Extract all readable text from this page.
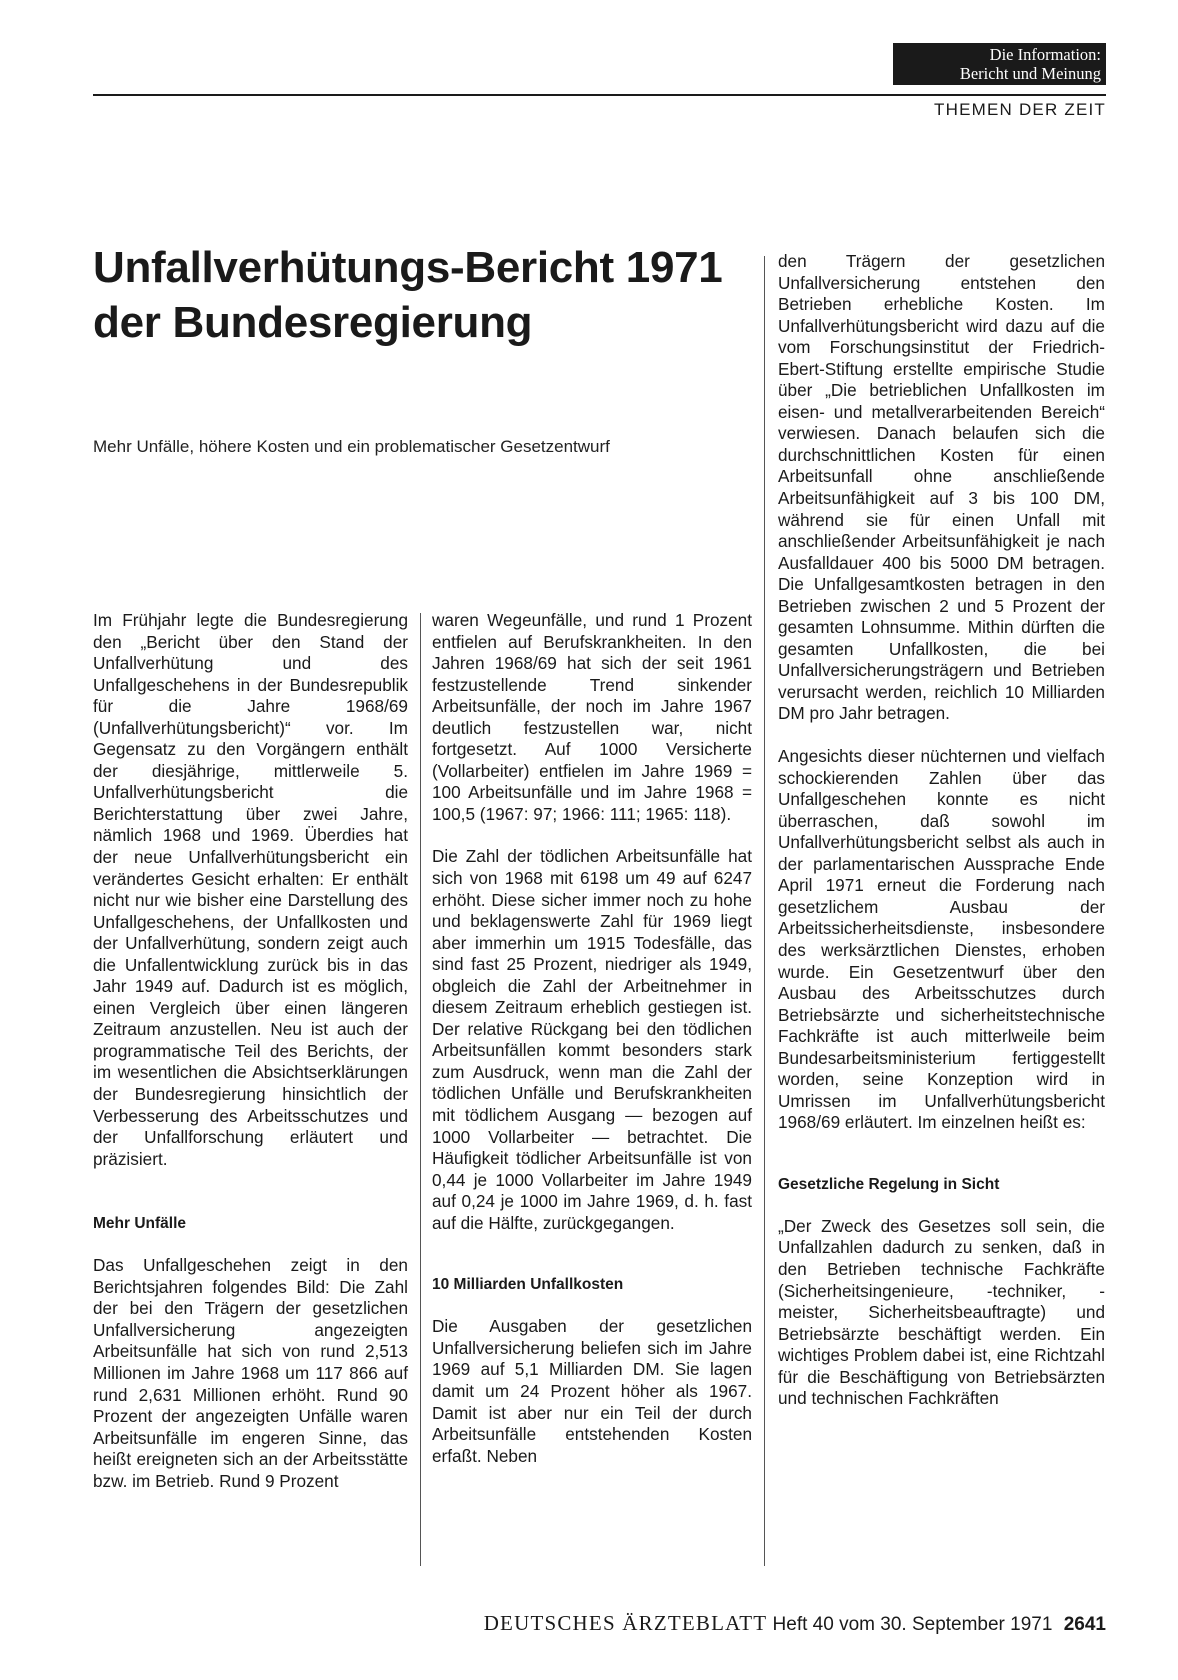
Die Information:
Bericht und Meinung
THEMEN DER ZEIT
Unfallverhütungs-Bericht 1971
der Bundesregierung
Mehr Unfälle, höhere Kosten und ein problematischer Gesetzentwurf

Im Frühjahr legte die Bundesregierung den „Bericht über den Stand der Unfallverhütung und des Unfallgeschehens in der Bundesrepublik für die Jahre 1968/69 (Unfallverhütungsbericht)“ vor. Im Gegensatz zu den Vorgängern enthält der diesjährige, mittlerweile 5. Unfallverhütungsbericht die Berichterstattung über zwei Jahre, nämlich 1968 und 1969. Überdies hat der neue Unfallverhütungsbericht ein verändertes Gesicht erhalten: Er enthält nicht nur wie bisher eine Darstellung des Unfallgeschehens, der Unfallkosten und der Unfallverhütung, sondern zeigt auch die Unfallentwicklung zurück bis in das Jahr 1949 auf. Dadurch ist es möglich, einen Vergleich über einen längeren Zeitraum anzustellen. Neu ist auch der programmatische Teil des Berichts, der im wesentlichen die Absichtserklärungen der Bundesregierung hinsichtlich der Verbesserung des Arbeitsschutzes und der Unfallforschung erläutert und präzisiert.

Mehr Unfälle

Das Unfallgeschehen zeigt in den Berichtsjahren folgendes Bild: Die Zahl der bei den Trägern der gesetzlichen Unfallversicherung angezeigten Arbeitsunfälle hat sich von rund 2,513 Millionen im Jahre 1968 um 117 866 auf rund 2,631 Millionen erhöht. Rund 90 Prozent der angezeigten Unfälle waren Arbeitsunfälle im engeren Sinne, das heißt ereigneten sich an der Arbeitsstätte bzw. im Betrieb. Rund 9 Prozent

waren Wegeunfälle, und rund 1 Prozent entfielen auf Berufskrankheiten. In den Jahren 1968/69 hat sich der seit 1961 festzustellende Trend sinkender Arbeitsunfälle, der noch im Jahre 1967 deutlich festzustellen war, nicht fortgesetzt. Auf 1000 Versicherte (Vollarbeiter) entfielen im Jahre 1969 = 100 Arbeitsunfälle und im Jahre 1968 = 100,5 (1967: 97; 1966: 111; 1965: 118).

Die Zahl der tödlichen Arbeitsunfälle hat sich von 1968 mit 6198 um 49 auf 6247 erhöht. Diese sicher immer noch zu hohe und beklagenswerte Zahl für 1969 liegt aber immerhin um 1915 Todesfälle, das sind fast 25 Prozent, niedriger als 1949, obgleich die Zahl der Arbeitnehmer in diesem Zeitraum erheblich gestiegen ist. Der relative Rückgang bei den tödlichen Arbeitsunfällen kommt besonders stark zum Ausdruck, wenn man die Zahl der tödlichen Unfälle und Berufskrankheiten mit tödlichem Ausgang — bezogen auf 1000 Vollarbeiter — betrachtet. Die Häufigkeit tödlicher Arbeitsunfälle ist von 0,44 je 1000 Vollarbeiter im Jahre 1949 auf 0,24 je 1000 im Jahre 1969, d. h. fast auf die Hälfte, zurückgegangen.

10 Milliarden Unfallkosten

Die Ausgaben der gesetzlichen Unfallversicherung beliefen sich im Jahre 1969 auf 5,1 Milliarden DM. Sie lagen damit um 24 Prozent höher als 1967. Damit ist aber nur ein Teil der durch Arbeitsunfälle entstehenden Kosten erfaßt. Neben

den Trägern der gesetzlichen Unfallversicherung entstehen den Betrieben erhebliche Kosten. Im Unfallverhütungsbericht wird dazu auf die vom Forschungsinstitut der Friedrich-Ebert-Stiftung erstellte empirische Studie über „Die betrieblichen Unfallkosten im eisen- und metallverarbeitenden Bereich“ verwiesen. Danach belaufen sich die durchschnittlichen Kosten für einen Arbeitsunfall ohne anschließende Arbeitsunfähigkeit auf 3 bis 100 DM, während sie für einen Unfall mit anschließender Arbeitsunfähigkeit je nach Ausfalldauer 400 bis 5000 DM betragen. Die Unfallgesamtkosten betragen in den Betrieben zwischen 2 und 5 Prozent der gesamten Lohnsumme. Mithin dürften die gesamten Unfallkosten, die bei Unfallversicherungsträgern und Betrieben verursacht werden, reichlich 10 Milliarden DM pro Jahr betragen.

Angesichts dieser nüchternen und vielfach schockierenden Zahlen über das Unfallgeschehen konnte es nicht überraschen, daß sowohl im Unfallverhütungsbericht selbst als auch in der parlamentarischen Aussprache Ende April 1971 erneut die Forderung nach gesetzlichem Ausbau der Arbeitssicherheitsdienste, insbesondere des werksärztlichen Dienstes, erhoben wurde. Ein Gesetzentwurf über den Ausbau des Arbeitsschutzes durch Betriebsärzte und sicherheitstechnische Fachkräfte ist auch mitterlweile beim Bundesarbeitsministerium fertiggestellt worden, seine Konzeption wird in Umrissen im Unfallverhütungsbericht 1968/69 erläutert. Im einzelnen heißt es:

Gesetzliche Regelung in Sicht

„Der Zweck des Gesetzes soll sein, die Unfallzahlen dadurch zu senken, daß in den Betrieben technische Fachkräfte (Sicherheitsingenieure, -techniker, -meister, Sicherheitsbeauftragte) und Betriebsärzte beschäftigt werden. Ein wichtiges Problem dabei ist, eine Richtzahl für die Beschäftigung von Betriebsärzten und technischen Fachkräften

DEUTSCHES ÄRZTEBLATT Heft 40 vom 30. September 1971 2641
